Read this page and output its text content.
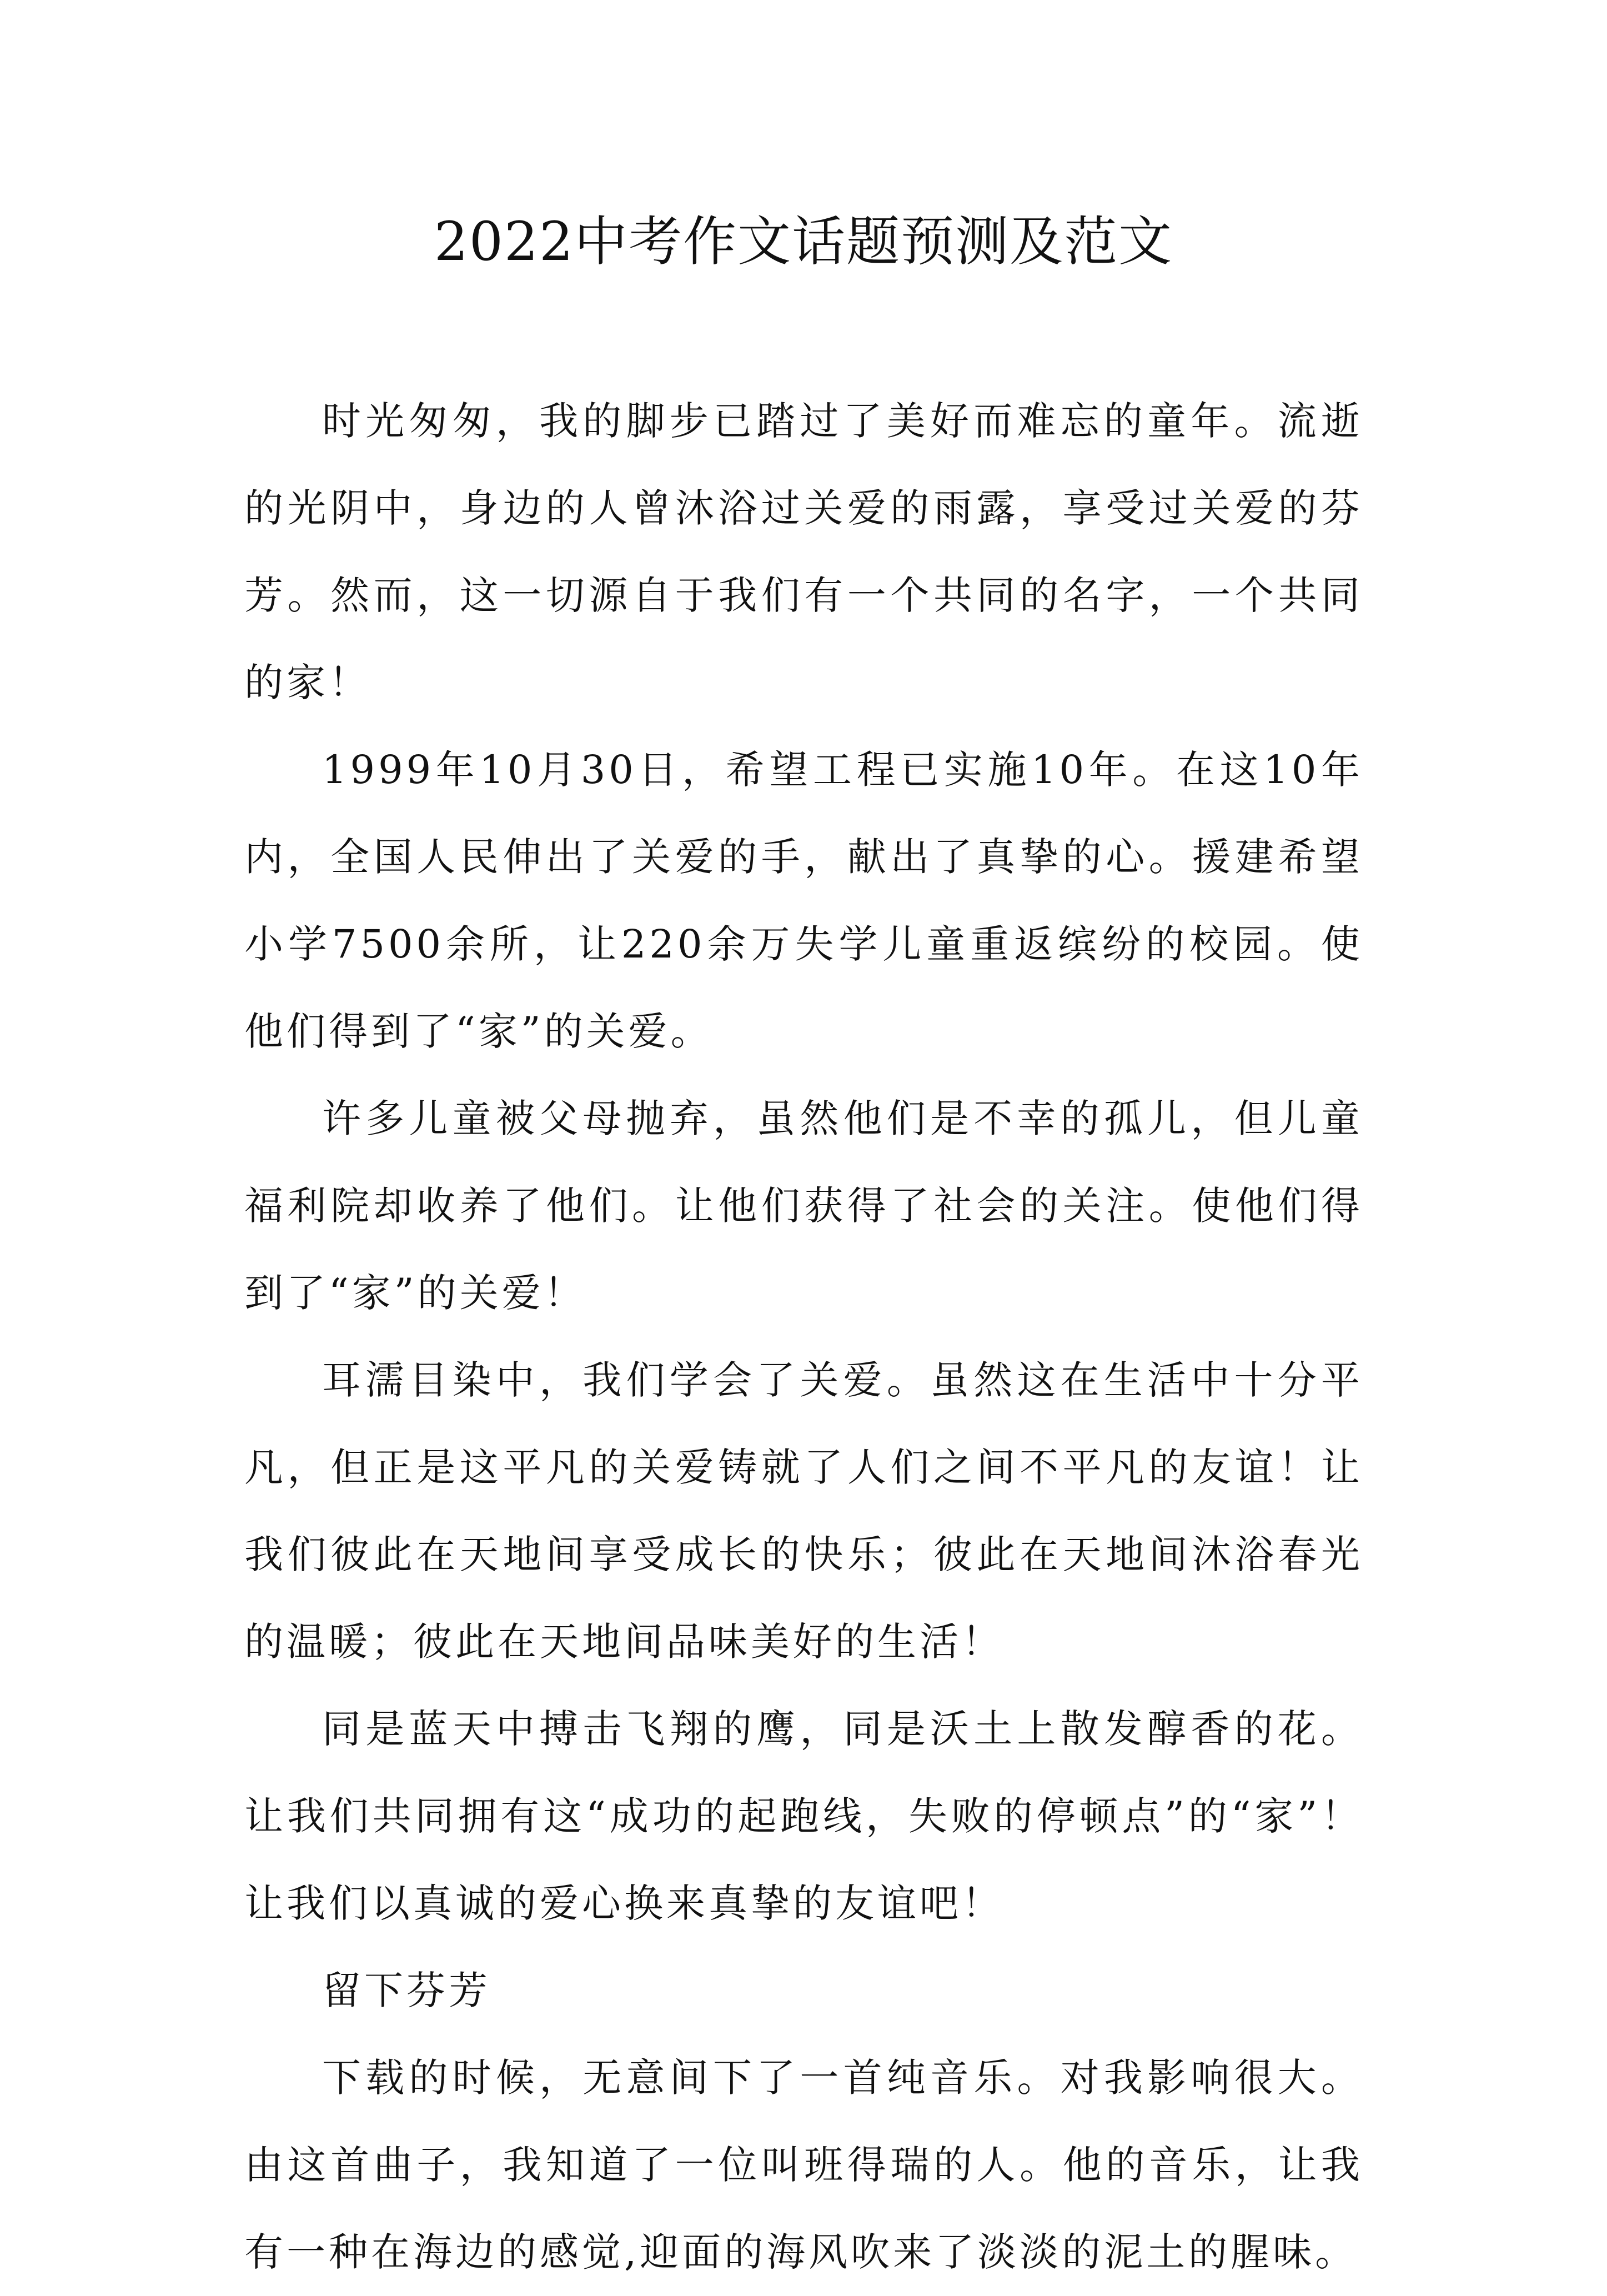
2022中考作文话题预测及范文

时光匆匆，我的脚步已踏过了美好而难忘的童年。流逝的光阴中，身边的人曾沐浴过关爱的雨露，享受过关爱的芬芳。然而，这一切源自于我们有一个共同的名字，一个共同的家！

1999年10月30日，希望工程已实施10年。在这10年内，全国人民伸出了关爱的手，献出了真挚的心。援建希望小学7500余所，让220余万失学儿童重返缤纷的校园。使他们得到了“家”的关爱。

许多儿童被父母抛弃，虽然他们是不幸的孤儿，但儿童福利院却收养了他们。让他们获得了社会的关注。使他们得到了“家”的关爱！

耳濡目染中，我们学会了关爱。虽然这在生活中十分平凡，但正是这平凡的关爱铸就了人们之间不平凡的友谊！让我们彼此在天地间享受成长的快乐；彼此在天地间沐浴春光的温暖；彼此在天地间品味美好的生活！

同是蓝天中搏击飞翔的鹰，同是沃土上散发醇香的花。让我们共同拥有这“成功的起跑线，失败的停顿点”的“家”！让我们以真诚的爱心换来真挚的友谊吧！

留下芬芳

下载的时候，无意间下了一首纯音乐。对我影响很大。由这首曲子，我知道了一位叫班得瑞的人。他的音乐，让我有一种在海边的感觉,迎面的海风吹来了淡淡的泥土的腥味。
